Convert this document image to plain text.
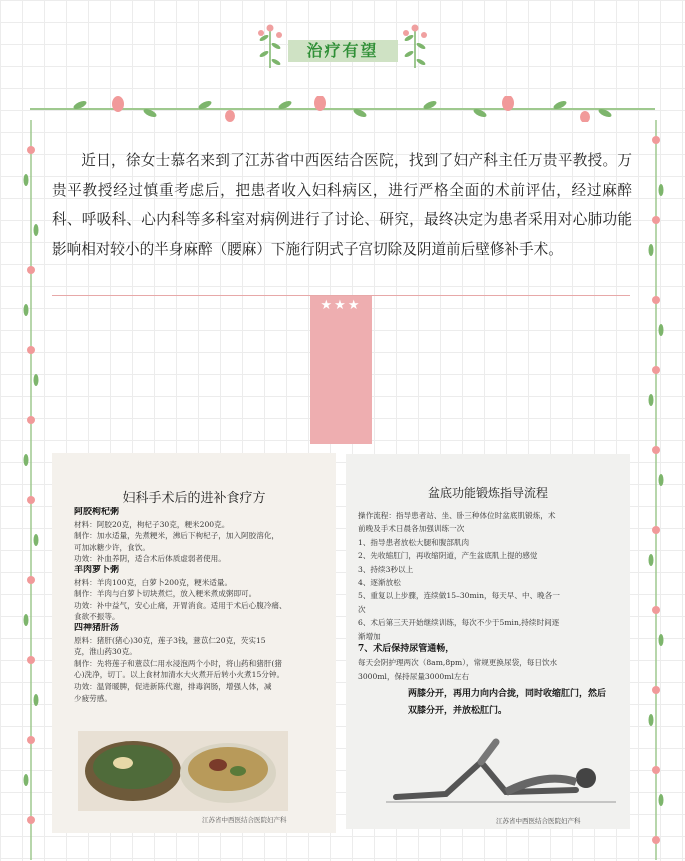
治疗有望

近日，徐女士慕名来到了江苏省中西医结合医院，找到了妇产科主任万贵平教授。万贵平教授经过慎重考虑后，把患者收入妇科病区，进行严格全面的术前评估，经过麻醉科、呼吸科、心内科等多科室对病例进行了讨论、研究，最终决定为患者采用对心肺功能影响相对较小的半身麻醉（腰麻）下施行阴式子宫切除及阴道前后壁修补手术。

★★★
妇科手术后的进补食疗方
阿胶枸杞粥
材料：阿胶20克，枸杞子30克，粳米200克。
制作：加水适量，先煮粳米，沸后下枸杞子，加入阿胶溶化，
可加冰糖少许，食饮。
功效：补血养阴，适合术后体质虚弱者使用。
羊肉萝卜粥
材料：羊肉100克，白萝卜200克，粳米适量。
制作：羊肉与白萝卜切块煮烂，放入粳米煮成粥即可。
功效：补中益气，安心止痛，开胃消食。适用于术后心腹冷痛、
食欲不振等。
四神猪肝汤
原料：猪肝(猪心)30克，莲子3钱，薏苡仁20克，芡实15
克，淮山药30克。
制作：先将莲子和薏苡仁用水浸泡两个小时，将山药和猪肝(猪
心)洗净，切丁。以上食材加清水大火煮开后转小火煮15分钟。
功效：温肾暖脾，促进新陈代谢，排毒润肠，增强人体，减
少疲劳感。
江苏省中西医结合医院妇产科
盆底功能锻炼指导流程
操作流程：指导患者站、坐、卧三种体位时盆底肌锻炼，术
前晚及手术日晨各加强训练一次
1、指导患者放松大腿和腹部肌肉
2、先收缩肛门，再收缩阴道，产生盆底肌上提的感觉
3、持续3秒以上
4、逐渐放松
5、重复以上步骤，连续做15–30min，每天早、中、晚各一
次
6、术后第三天开始继续训练，每次不少于5min,持续时间逐
渐增加
7、术后保持尿管通畅，
每天会阴护理两次（8am,8pm），常规更换尿袋，每日饮水
3000ml，保持尿量3000ml左右
两膝分开，再用力向内合拢，同时收缩肛门，然后双膝分开，并放松肛门。
江苏省中西医结合医院妇产科
